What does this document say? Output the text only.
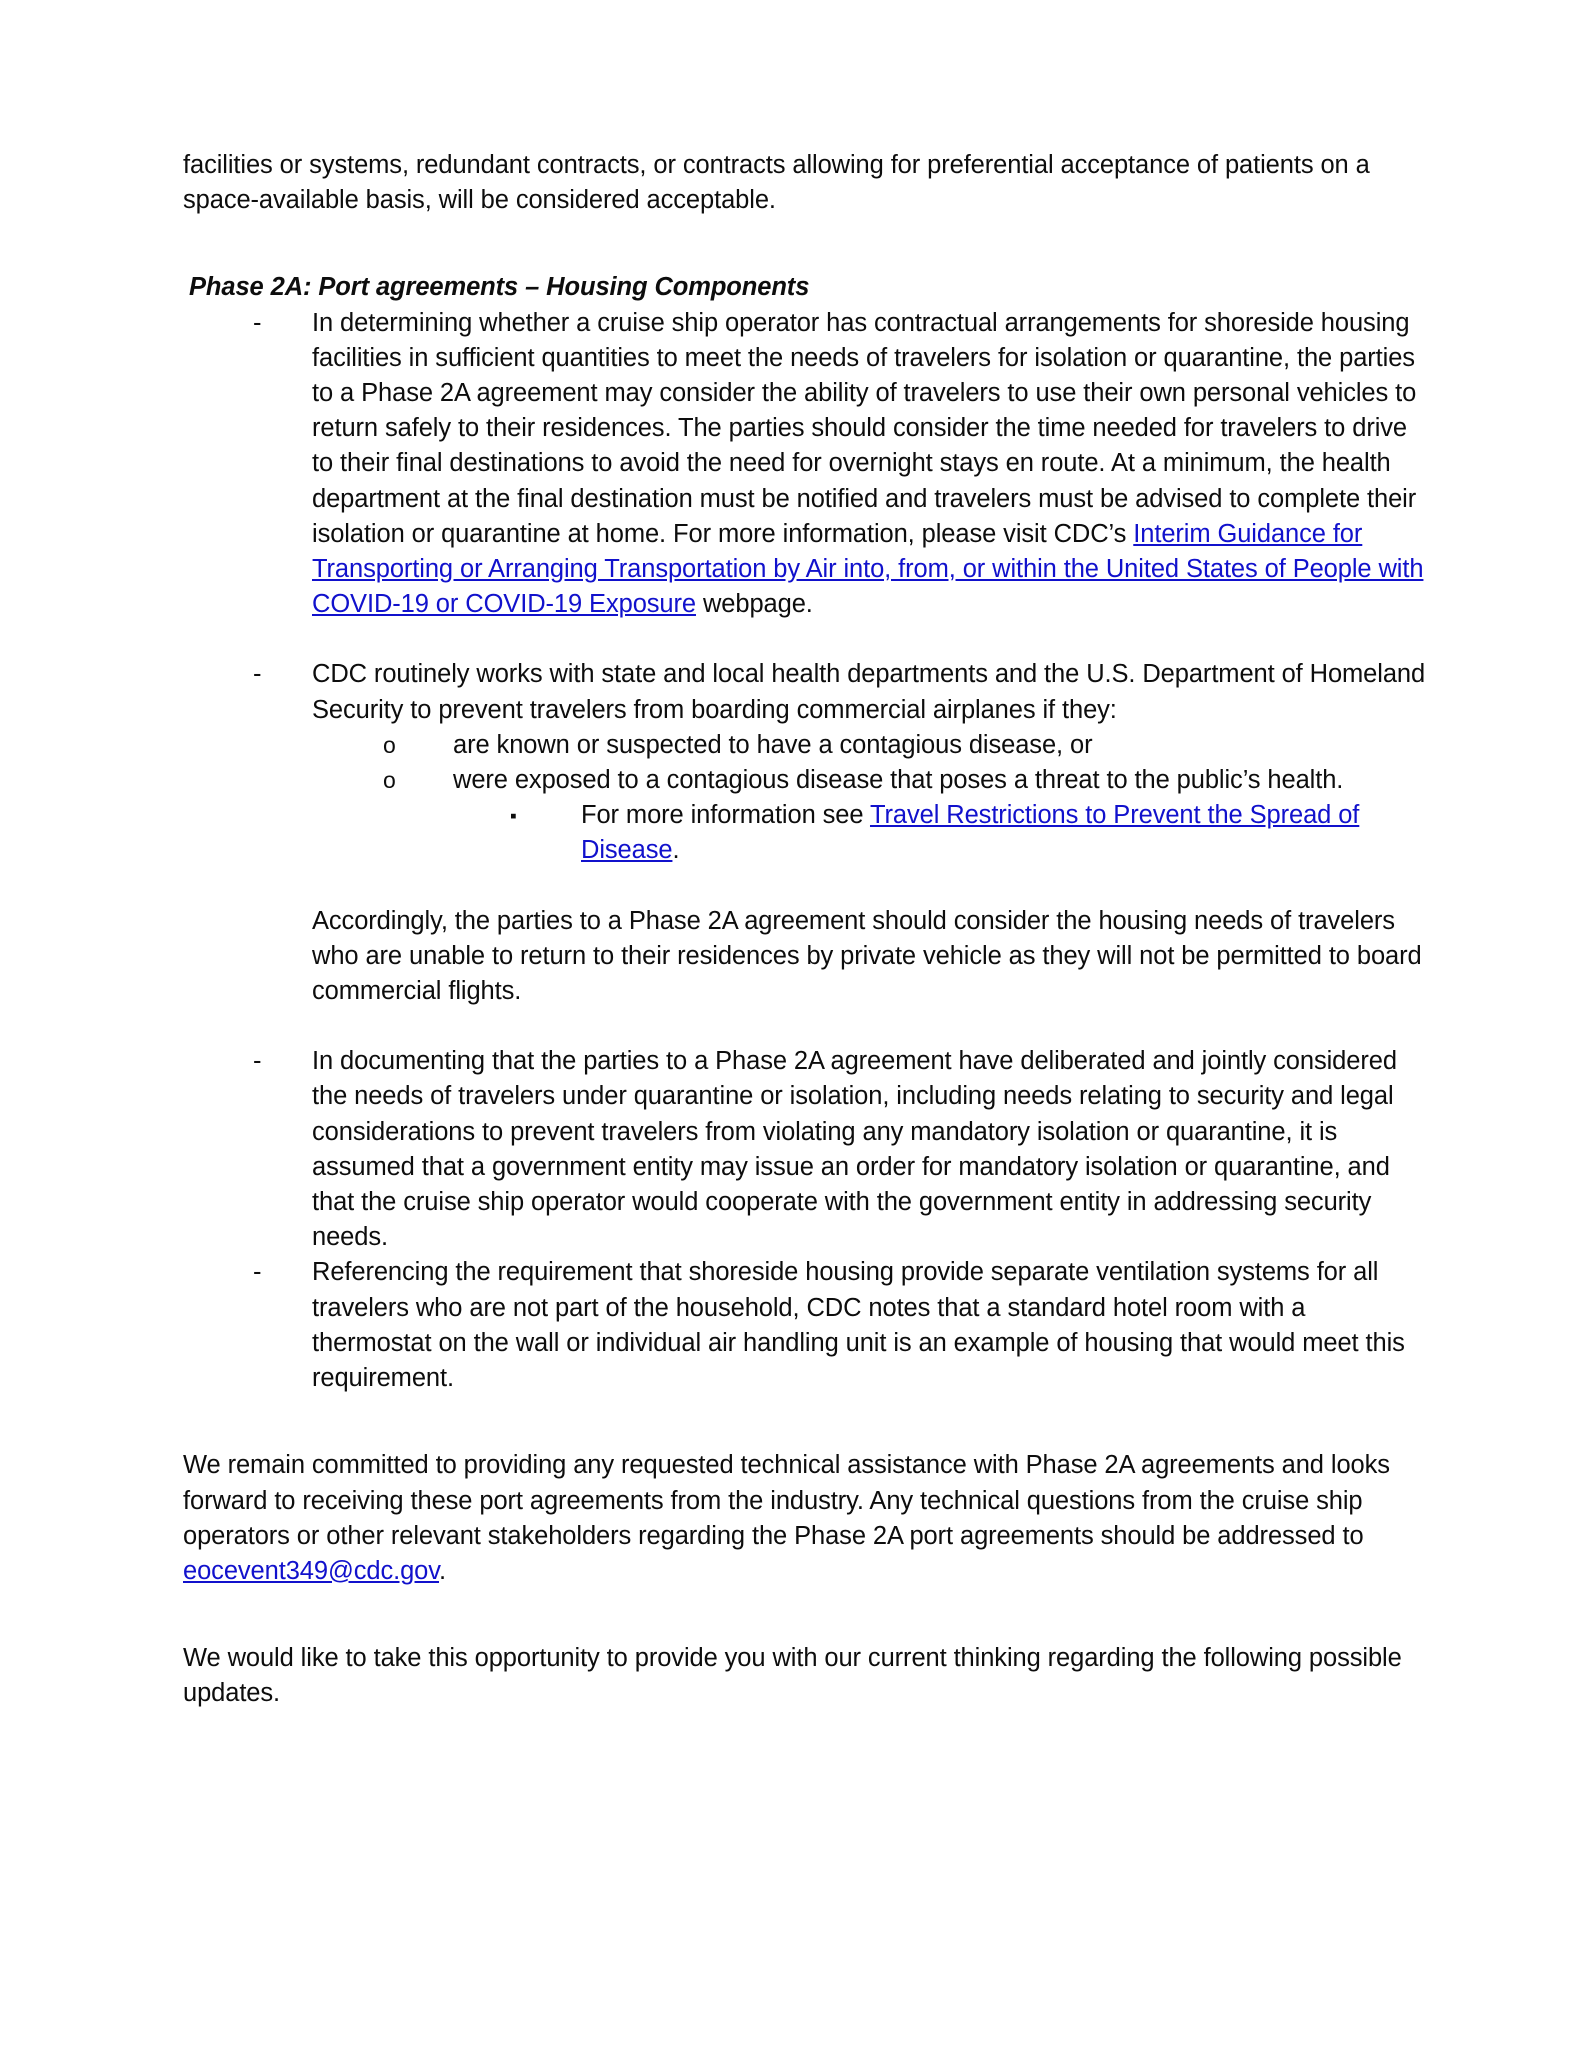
facilities or systems, redundant contracts, or contracts allowing for preferential acceptance of patients on a space-available basis, will be considered acceptable.

Phase 2A: Port agreements – Housing Components

-	In determining whether a cruise ship operator has contractual arrangements for shoreside housing facilities in sufficient quantities to meet the needs of travelers for isolation or quarantine, the parties to a Phase 2A agreement may consider the ability of travelers to use their own personal vehicles to return safely to their residences. The parties should consider the time needed for travelers to drive to their final destinations to avoid the need for overnight stays en route. At a minimum, the health department at the final destination must be notified and travelers must be advised to complete their isolation or quarantine at home. For more information, please visit CDC’s Interim Guidance for Transporting or Arranging Transportation by Air into, from, or within the United States of People with COVID-19 or COVID-19 Exposure webpage.
-	CDC routinely works with state and local health departments and the U.S. Department of Homeland Security to prevent travelers from boarding commercial airplanes if they:
o	are known or suspected to have a contagious disease, or
o	were exposed to a contagious disease that poses a threat to the public’s health.
▪	For more information see Travel Restrictions to Prevent the Spread of Disease.

Accordingly, the parties to a Phase 2A agreement should consider the housing needs of travelers who are unable to return to their residences by private vehicle as they will not be permitted to board commercial flights.

-	In documenting that the parties to a Phase 2A agreement have deliberated and jointly considered the needs of travelers under quarantine or isolation, including needs relating to security and legal considerations to prevent travelers from violating any mandatory isolation or quarantine, it is assumed that a government entity may issue an order for mandatory isolation or quarantine, and that the cruise ship operator would cooperate with the government entity in addressing security needs.
-	Referencing the requirement that shoreside housing provide separate ventilation systems for all travelers who are not part of the household, CDC notes that a standard hotel room with a thermostat on the wall or individual air handling unit is an example of housing that would meet this requirement.

We remain committed to providing any requested technical assistance with Phase 2A agreements and looks forward to receiving these port agreements from the industry. Any technical questions from the cruise ship operators or other relevant stakeholders regarding the Phase 2A port agreements should be addressed to eocevent349@cdc.gov.

We would like to take this opportunity to provide you with our current thinking regarding the following possible updates.
